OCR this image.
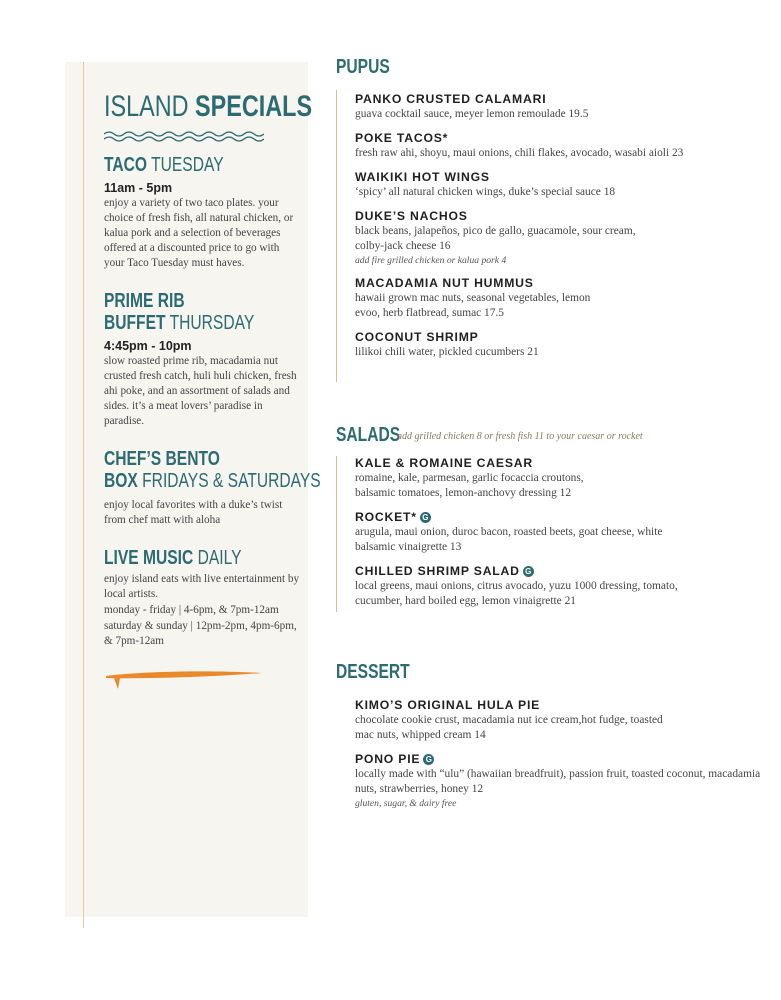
ISLAND SPECIALS
TACO TUESDAY
11am - 5pm
enjoy a variety of two taco plates. your choice of fresh fish, all natural chicken, or kalua pork and a selection of beverages offered at a discounted price to go with your Taco Tuesday must haves.
PRIME RIB
BUFFET THURSDAY
4:45pm - 10pm
slow roasted prime rib, macadamia nut crusted fresh catch, huli huli chicken, fresh ahi poke, and an assortment of salads and sides. it’s a meat lovers’ paradise in paradise.
CHEF’S BENTO
BOX FRIDAYS & SATURDAYS
enjoy local favorites with a duke’s twist from chef matt with aloha
LIVE MUSIC DAILY
enjoy island eats with live entertainment by local artists.
monday - friday | 4-6pm, & 7pm-12am
saturday & sunday | 12pm-2pm, 4pm-6pm, & 7pm-12am
PUPUS
PANKO CRUSTED CALAMARI
guava cocktail sauce, meyer lemon remoulade 19.5
POKE TACOS*
fresh raw ahi, shoyu, maui onions, chili flakes, avocado, wasabi aioli 23
WAIKIKI HOT WINGS
‘spicy’ all natural chicken wings, duke’s special sauce 18
DUKE’S NACHOS
black beans, jalapeños, pico de gallo, guacamole, sour cream, colby-jack cheese 16
add fire grilled chicken or kalua pork 4
MACADAMIA NUT HUMMUS
hawaii grown mac nuts, seasonal vegetables, lemon evoo, herb flatbread, sumac 17.5
COCONUT SHRIMP
lilikoi chili water, pickled cucumbers 21
SALADS
add grilled chicken 8 or fresh fish 11 to your caesar or rocket
KALE & ROMAINE CAESAR
romaine, kale, parmesan, garlic focaccia croutons, balsamic tomatoes, lemon-anchovy dressing 12
ROCKET* G
arugula, maui onion, duroc bacon, roasted beets, goat cheese, white balsamic vinaigrette 13
CHILLED SHRIMP SALAD G
local greens, maui onions, citrus avocado, yuzu 1000 dressing, tomato, cucumber, hard boiled egg, lemon vinaigrette 21
DESSERT
KIMO’S ORIGINAL HULA PIE
chocolate cookie crust, macadamia nut ice cream,hot fudge, toasted mac nuts, whipped cream 14
PONO PIE G
locally made with “ulu” (hawaiian breadfruit), passion fruit, toasted coconut, macadamia nuts, strawberries, honey 12
gluten, sugar, & dairy free
